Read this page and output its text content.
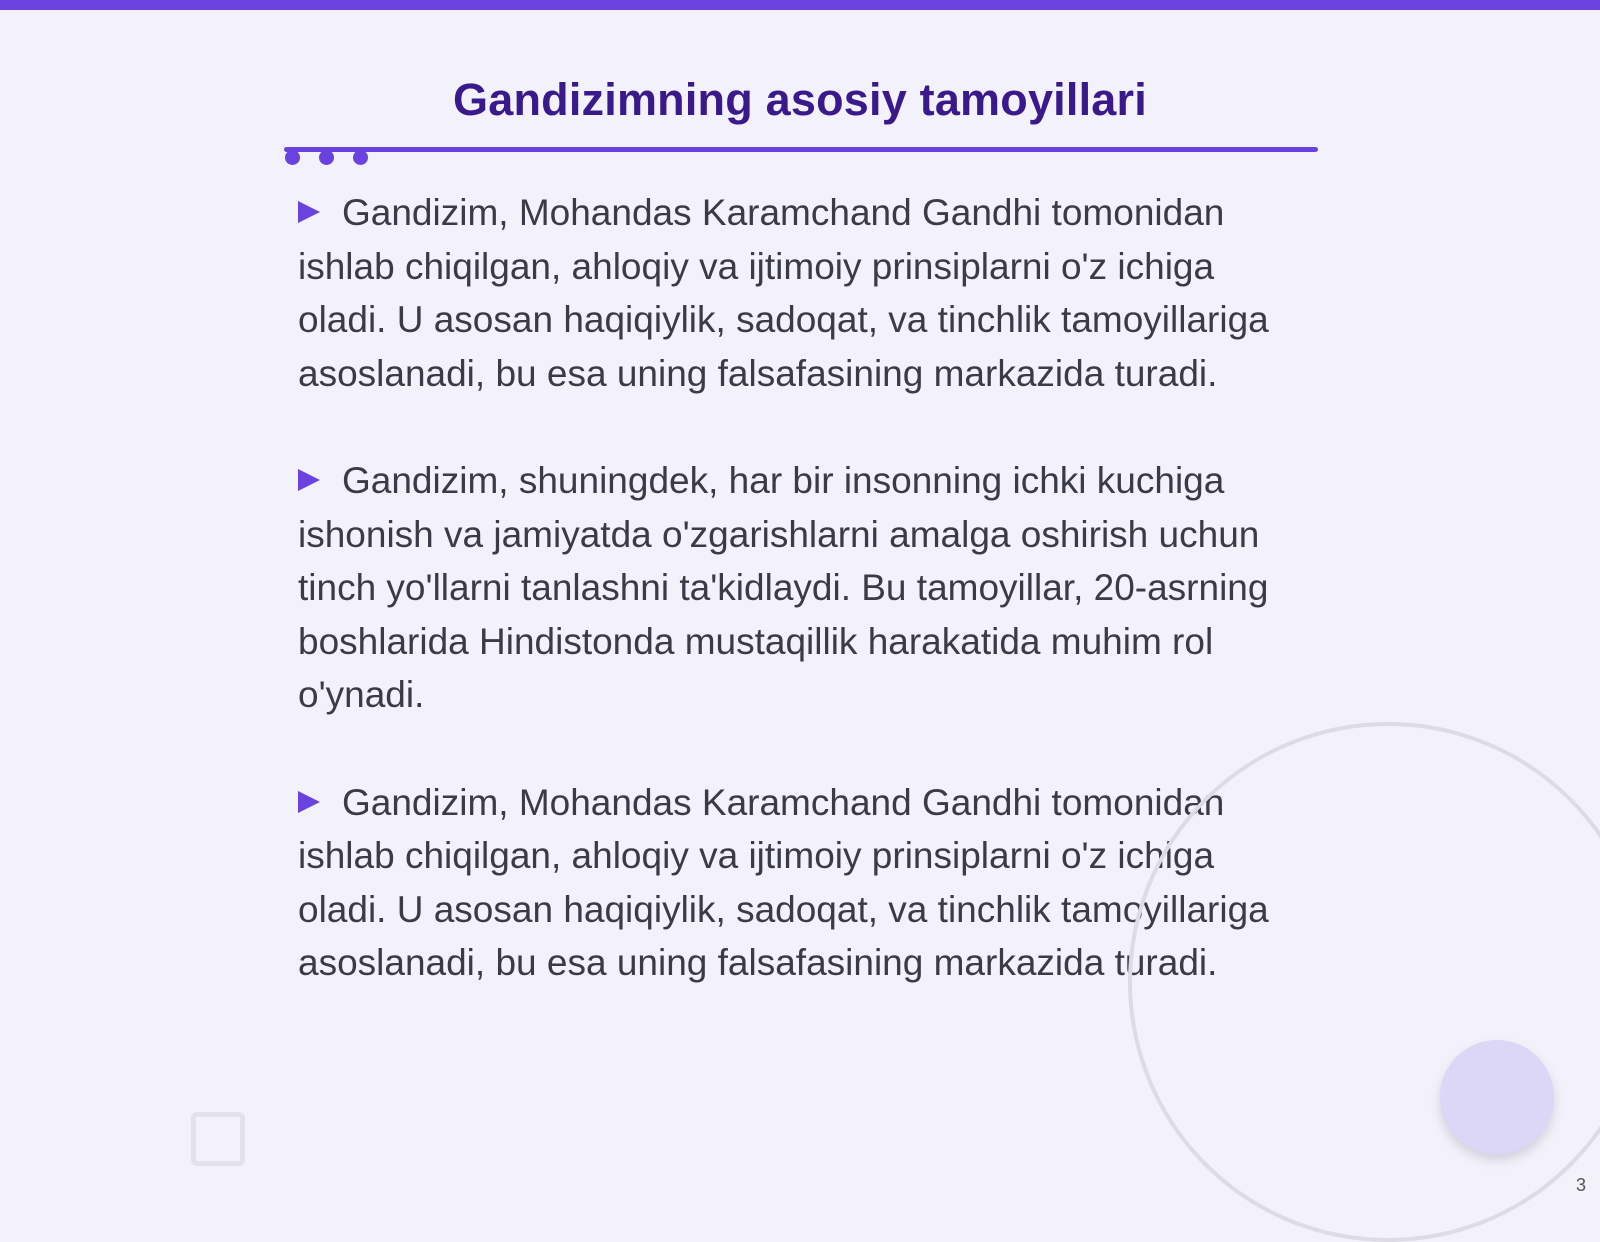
Gandizimning asosiy tamoyillari

Gandizim, Mohandas Karamchand Gandhi tomonidan ishlab chiqilgan, ahloqiy va ijtimoiy prinsiplarni o'z ichiga oladi. U asosan haqiqiylik, sadoqat, va tinchlik tamoyillariga asoslanadi, bu esa uning falsafasining markazida turadi.

Gandizim, shuningdek, har bir insonning ichki kuchiga ishonish va jamiyatda o'zgarishlarni amalga oshirish uchun tinch yo'llarni tanlashni ta'kidlaydi. Bu tamoyillar, 20-asrning boshlarida Hindistonda mustaqillik harakatida muhim rol o'ynadi.

Gandizim, Mohandas Karamchand Gandhi tomonidan ishlab chiqilgan, ahloqiy va ijtimoiy prinsiplarni o'z ichiga oladi. U asosan haqiqiylik, sadoqat, va tinchlik tamoyillariga asoslanadi, bu esa uning falsafasining markazida turadi.

3
